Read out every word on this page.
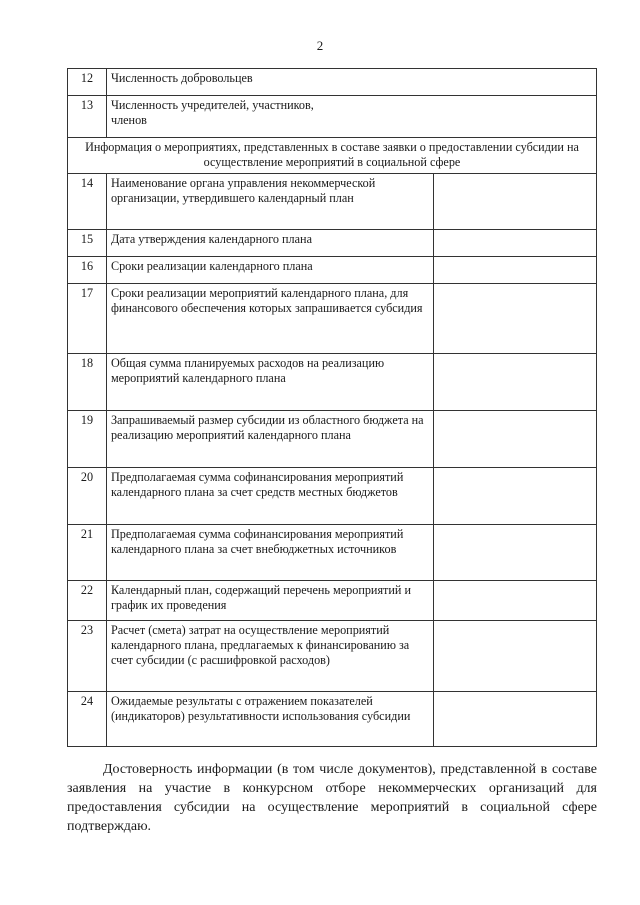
2
12	Численность добровольцев	
13	Численность учредителей, участников, членов	
Информация о мероприятиях, представленных в составе заявки о предоставлении субсидии на осуществление мероприятий в социальной сфере		
14	Наименование органа управления некоммерческой организации, утвердившего календарный план	
15	Дата утверждения календарного плана	
16	Сроки реализации календарного плана	
17	Сроки реализации мероприятий календарного плана, для финансового обеспечения которых запрашивается субсидия	
18	Общая сумма планируемых расходов на реализацию мероприятий календарного плана	
19	Запрашиваемый размер субсидии из областного бюджета на реализацию мероприятий календарного плана	
20	Предполагаемая сумма софинансирования мероприятий календарного плана за счет средств местных бюджетов	
21	Предполагаемая сумма софинансирования мероприятий календарного плана за счет внебюджетных источников	
22	Календарный план, содержащий перечень мероприятий и график их проведения	
23	Расчет (смета) затрат на осуществление мероприятий календарного плана, предлагаемых к финансированию за счет субсидии (с расшифровкой расходов)	
24	Ожидаемые результаты с отражением показателей (индикаторов) результативности использования субсидии	

Достоверность информации (в том числе документов), представленной в составе заявления на участие в конкурсном отборе некоммерческих организаций для предоставления субсидии на осуществление мероприятий в социальной сфере подтверждаю.
